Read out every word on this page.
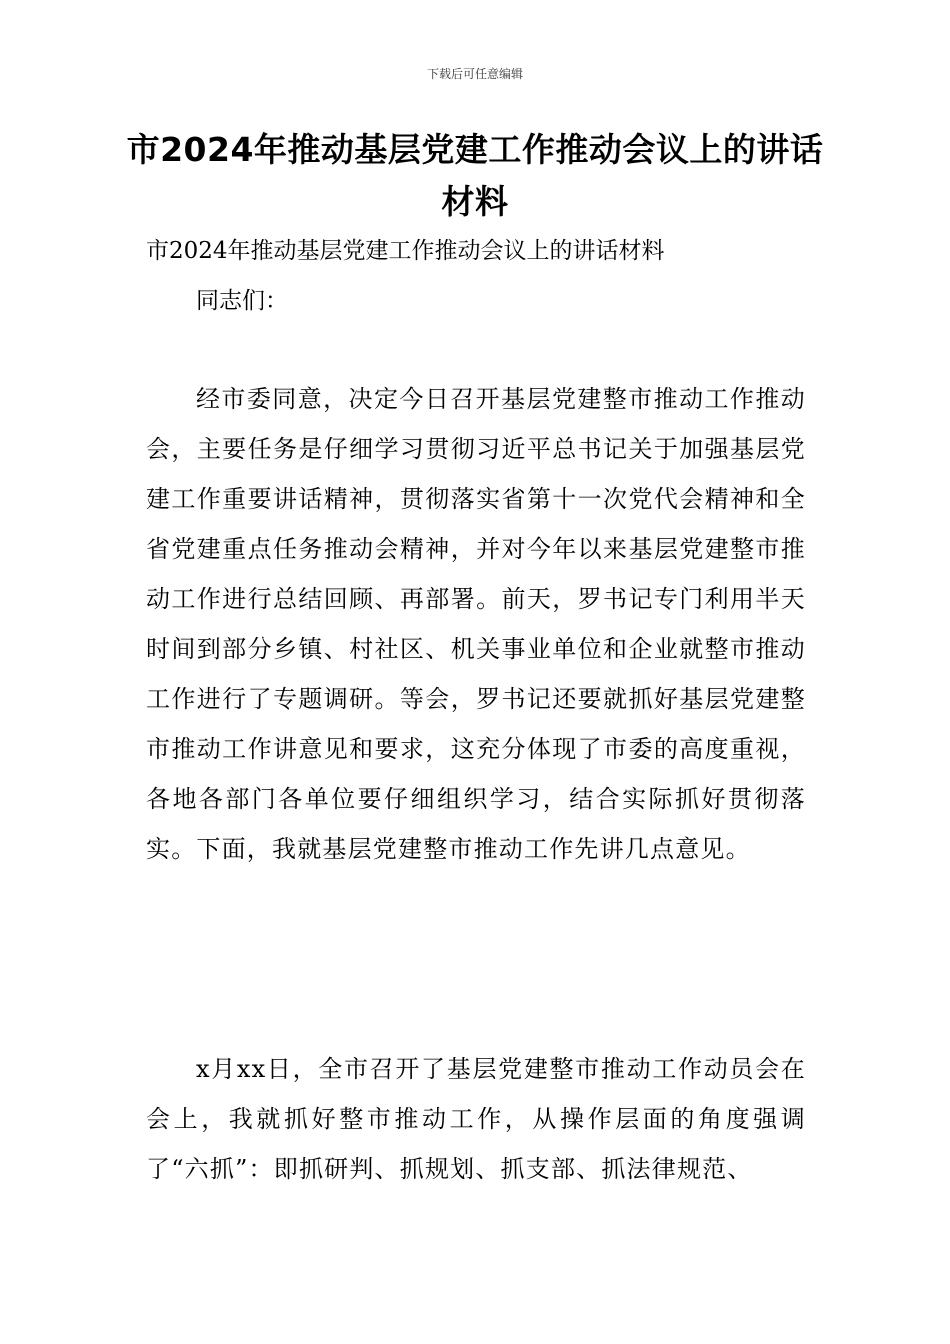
下载后可任意编辑
市2024年推动基层党建工作推动会议上的讲话材料
市2024年推动基层党建工作推动会议上的讲话材料
同志们：
经市委同意，决定今日召开基层党建整市推动工作推动会，主要任务是仔细学习贯彻习近平总书记关于加强基层党建工作重要讲话精神，贯彻落实省第十一次党代会精神和全省党建重点任务推动会精神，并对今年以来基层党建整市推动工作进行总结回顾、再部署。前天，罗书记专门利用半天时间到部分乡镇、村社区、机关事业单位和企业就整市推动工作进行了专题调研。等会，罗书记还要就抓好基层党建整市推动工作讲意见和要求，这充分体现了市委的高度重视，各地各部门各单位要仔细组织学习，结合实际抓好贯彻落实。下面，我就基层党建整市推动工作先讲几点意见。
x月xx日，全市召开了基层党建整市推动工作动员会在会上，我就抓好整市推动工作，从操作层面的角度强调了“六抓”：即抓研判、抓规划、抓支部、抓法律规范、
